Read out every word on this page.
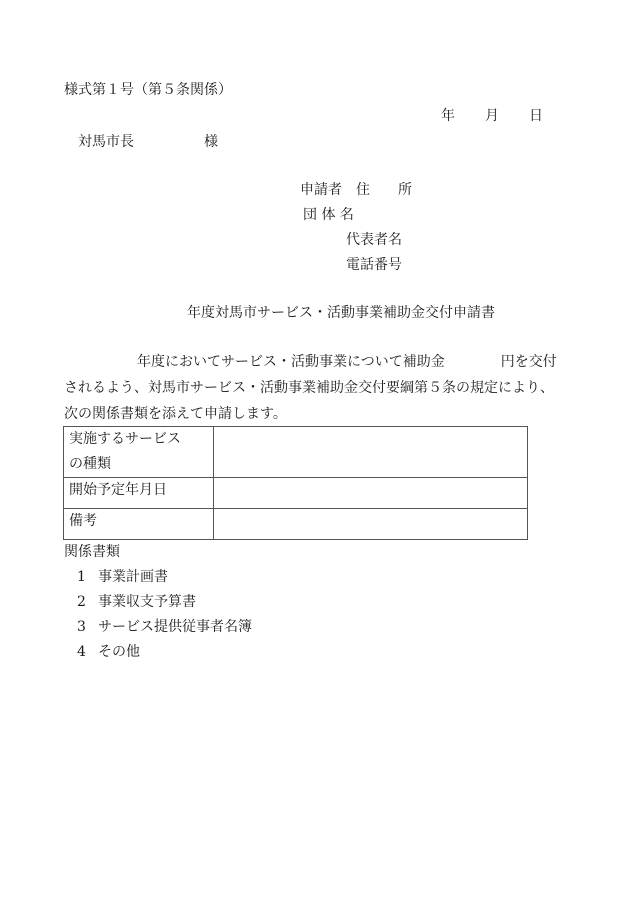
様式第１号（第５条関係）
年 月 日
対馬市長　　　　　様
申請者　住　　所
団 体 名
代表者名
電話番号
年度対馬市サービス・活動事業補助金交付申請書

年度においてサービス・活動事業について補助金　　　　円を交付

されるよう、対馬市サービス・活動事業補助金交付要綱第５条の規定により、

次の関係書類を添えて申請します。

実施するサービス
の種類	

開始予定年月日	
備考	
関係書類
1 事業計画書
2 事業収支予算書
3 サービス提供従事者名簿
4 その他
